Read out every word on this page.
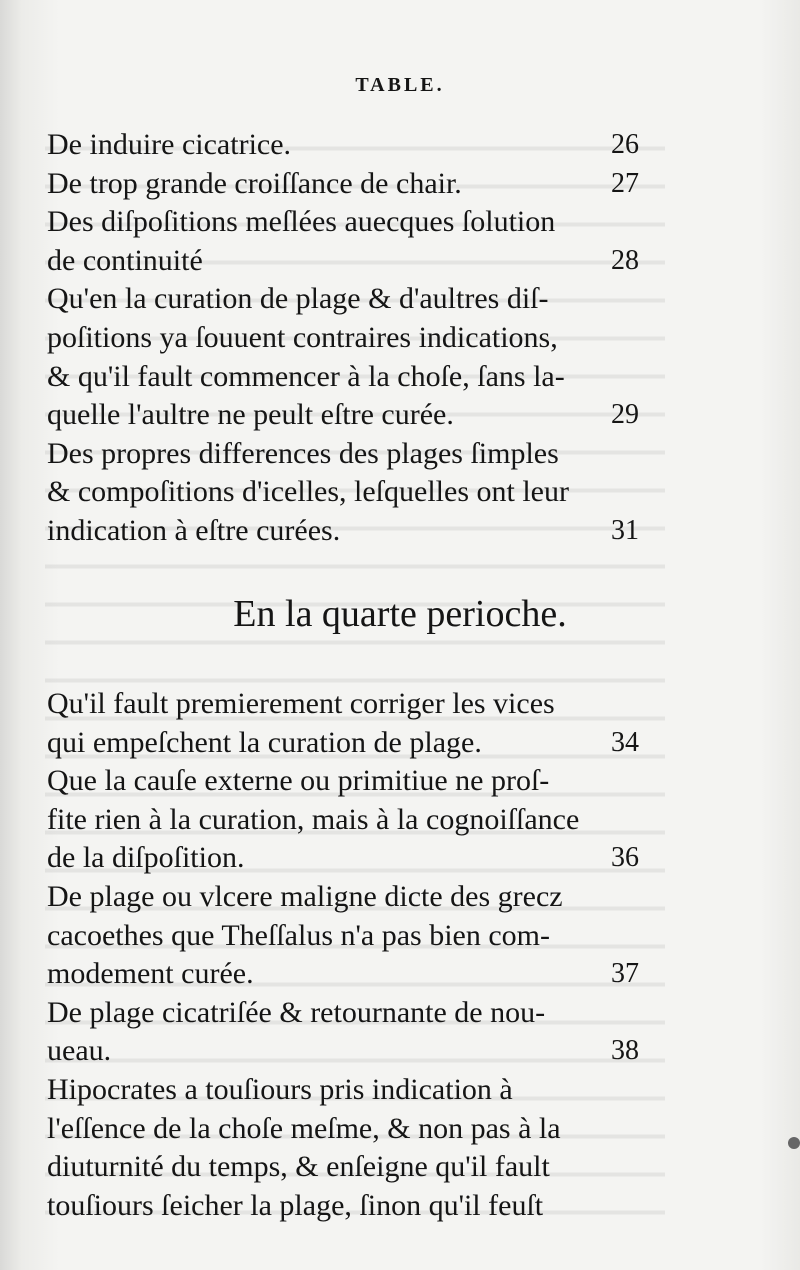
TABLE.
De induire cicatrice.	26
De trop grande croiſſance de chair.	27
Des diſpoſitions meſlées auecques ſolution
de continuité	28
Qu'en la curation de plage & d'aultres diſ-
poſitions ya ſouuent contraires indications,
& qu'il fault commencer à la choſe, ſans la-
quelle l'aultre ne peult eſtre curée.	29
Des propres differences des plages ſimples
& compoſitions d'icelles, leſquelles ont leur
indication à eſtre curées.	31
En la quarte perioche.
Qu'il fault premierement corriger les vices
qui empeſchent la curation de plage.	34
Que la cauſe externe ou primitiue ne proſ-
fite rien à la curation, mais à la cognoiſſance
de la diſpoſition.	36
De plage ou vlcere maligne dicte des grecz
cacoethes que Theſſalus n'a pas bien com-
modement curée.	37
De plage cicatriſée & retournante de nou-
ueau.	38
Hipocrates a touſiours pris indication à
l'eſſence de la choſe meſme, & non pas à la
diuturnité du temps, & enſeigne qu'il fault
touſiours ſeicher la plage, ſinon qu'il feuſt
